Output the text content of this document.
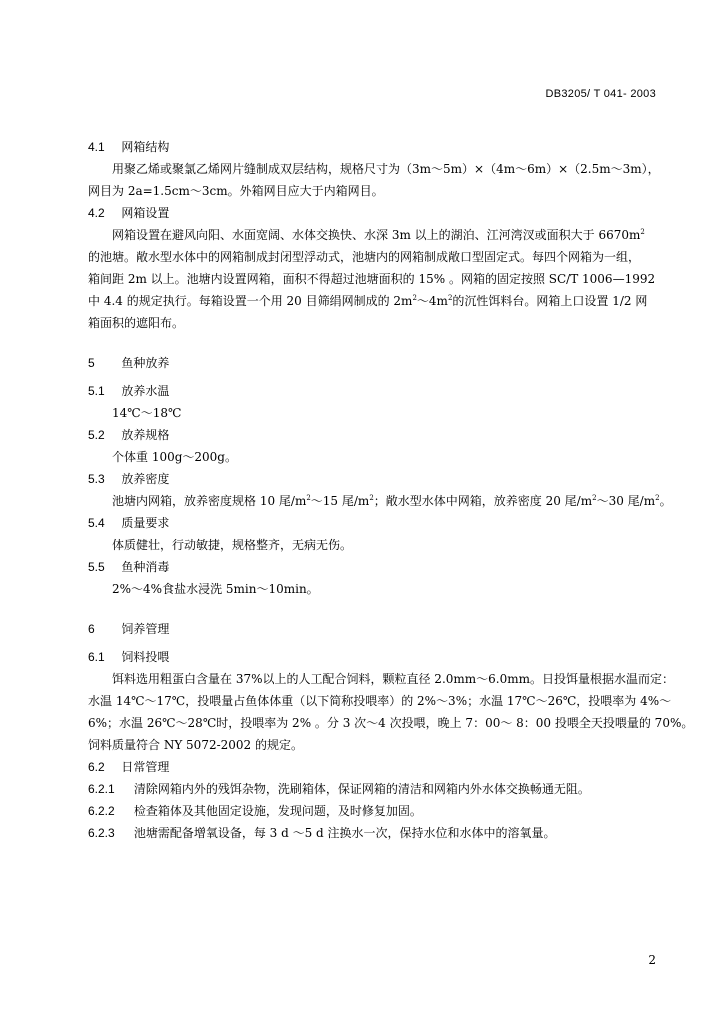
DB3205/ T 041- 2003
4.1 网箱结构
用聚乙烯或聚氯乙烯网片缝制成双层结构，规格尺寸为（3m～5m）×（4m～6m）×（2.5m～3m），
网目为 2a=1.5cm～3cm。外箱网目应大于内箱网目。
4.2 网箱设置
网箱设置在避风向阳、水面宽阔、水体交换快、水深 3m 以上的湖泊、江河湾汊或面积大于 $6670m^2$
的池塘。敞水型水体中的网箱制成封闭型浮动式，池塘内的网箱制成敞口型固定式。每四个网箱为一组，
箱间距 2m 以上。池塘内设置网箱，面积不得超过池塘面积的 15% 。网箱的固定按照 SC/T 1006—1992
中 4.4 的规定执行。每箱设置一个用 20 目筛绢网制成的 $2m^2\sim 4m^2$的沉性饵料台。网箱上口设置 1/2 网
箱面积的遮阳布。
5 鱼种放养
5.1 放养水温
14℃～18℃
5.2 放养规格
个体重 100g～200g。
5.3 放养密度
池塘内网箱，放养密度规格 10 尾$/m^2\sim 15$ 尾$/m^2$；敞水型水体中网箱，放养密度 20 尾$/m^2\sim 30$ 尾$/m^2$。
5.4 质量要求
体质健壮，行动敏捷，规格整齐，无病无伤。
5.5 鱼种消毒
2%～4%食盐水浸洗 5min～10min。
6 饲养管理
6.1 饲料投喂
饵料选用粗蛋白含量在 37%以上的人工配合饲料，颗粒直径 2.0mm～6.0mm。日投饵量根据水温而定：
水温 14℃～17℃，投喂量占鱼体体重（以下简称投喂率）的 2%～3%；水温 17℃～26℃，投喂率为 4%～
6%；水温 26℃～28℃时，投喂率为 2% 。分 3 次～4 次投喂，晚上 7：00～ 8：00 投喂全天投喂量的 70%。
饲料质量符合 NY 5072-2002 的规定。
6.2 日常管理
6.2.1 清除网箱内外的残饵杂物，洗刷箱体，保证网箱的清洁和网箱内外水体交换畅通无阻。
6.2.2 检查箱体及其他固定设施，发现问题，及时修复加固。
6.2.3 池塘需配备增氧设备，每 3 d ～5 d 注换水一次，保持水位和水体中的溶氧量。
2
